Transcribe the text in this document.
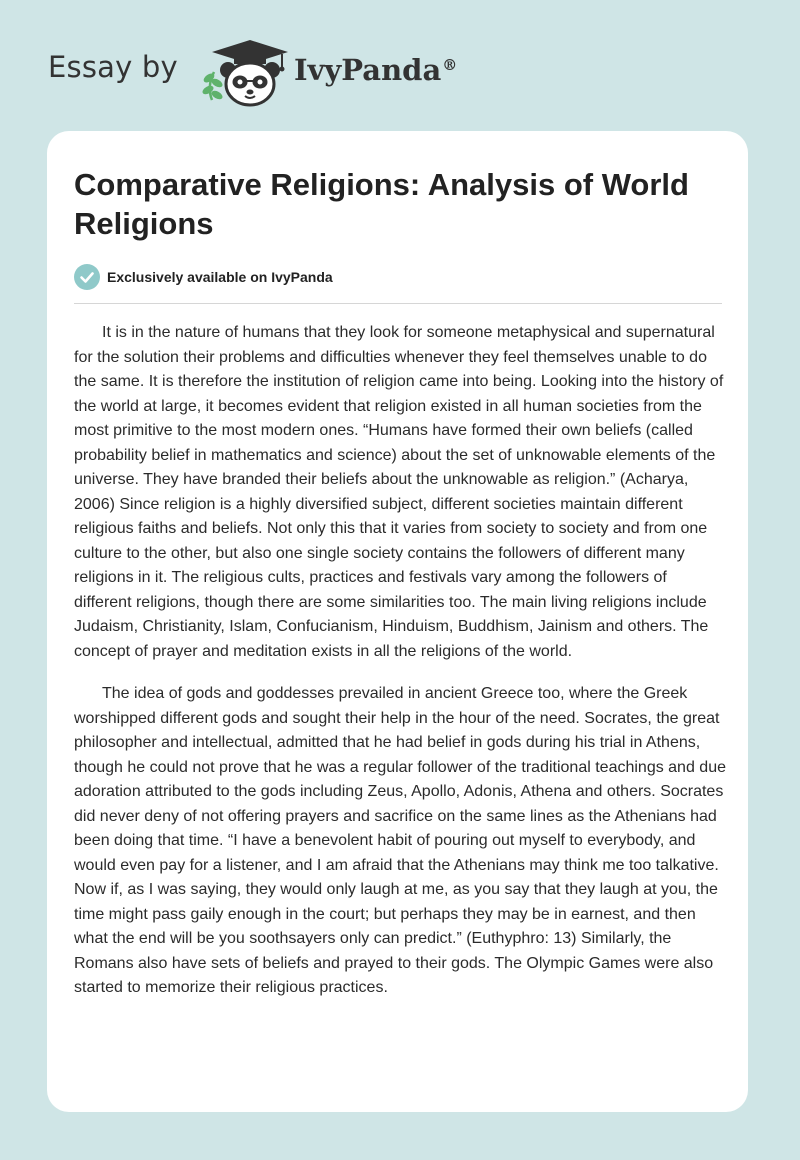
Essay by	IvyPanda®
Comparative Religions: Analysis of World Religions
Exclusively available on IvyPanda

It is in the nature of humans that they look for someone metaphysical and supernatural for the solution their problems and difficulties whenever they feel themselves unable to do the same. It is therefore the institution of religion came into being. Looking into the history of the world at large, it becomes evident that religion existed in all human societies from the most primitive to the most modern ones. “Humans have formed their own beliefs (called probability belief in mathematics and science) about the set of unknowable elements of the universe. They have branded their beliefs about the unknowable as religion.” (Acharya, 2006) Since religion is a highly diversified subject, different societies maintain different religious faiths and beliefs. Not only this that it varies from society to society and from one culture to the other, but also one single society contains the followers of different many religions in it. The religious cults, practices and festivals vary among the followers of different religions, though there are some similarities too. The main living religions include Judaism, Christianity, Islam, Confucianism, Hinduism, Buddhism, Jainism and others. The concept of prayer and meditation exists in all the religions of the world.

The idea of gods and goddesses prevailed in ancient Greece too, where the Greek worshipped different gods and sought their help in the hour of the need. Socrates, the great philosopher and intellectual, admitted that he had belief in gods during his trial in Athens, though he could not prove that he was a regular follower of the traditional teachings and due adoration attributed to the gods including Zeus, Apollo, Adonis, Athena and others. Socrates did never deny of not offering prayers and sacrifice on the same lines as the Athenians had been doing that time. “I have a benevolent habit of pouring out myself to everybody, and would even pay for a listener, and I am afraid that the Athenians may think me too talkative. Now if, as I was saying, they would only laugh at me, as you say that they laugh at you, the time might pass gaily enough in the court; but perhaps they may be in earnest, and then what the end will be you soothsayers only can predict.” (Euthyphro: 13) Similarly, the Romans also have sets of beliefs and prayed to their gods. The Olympic Games were also started to memorize their religious practices.
